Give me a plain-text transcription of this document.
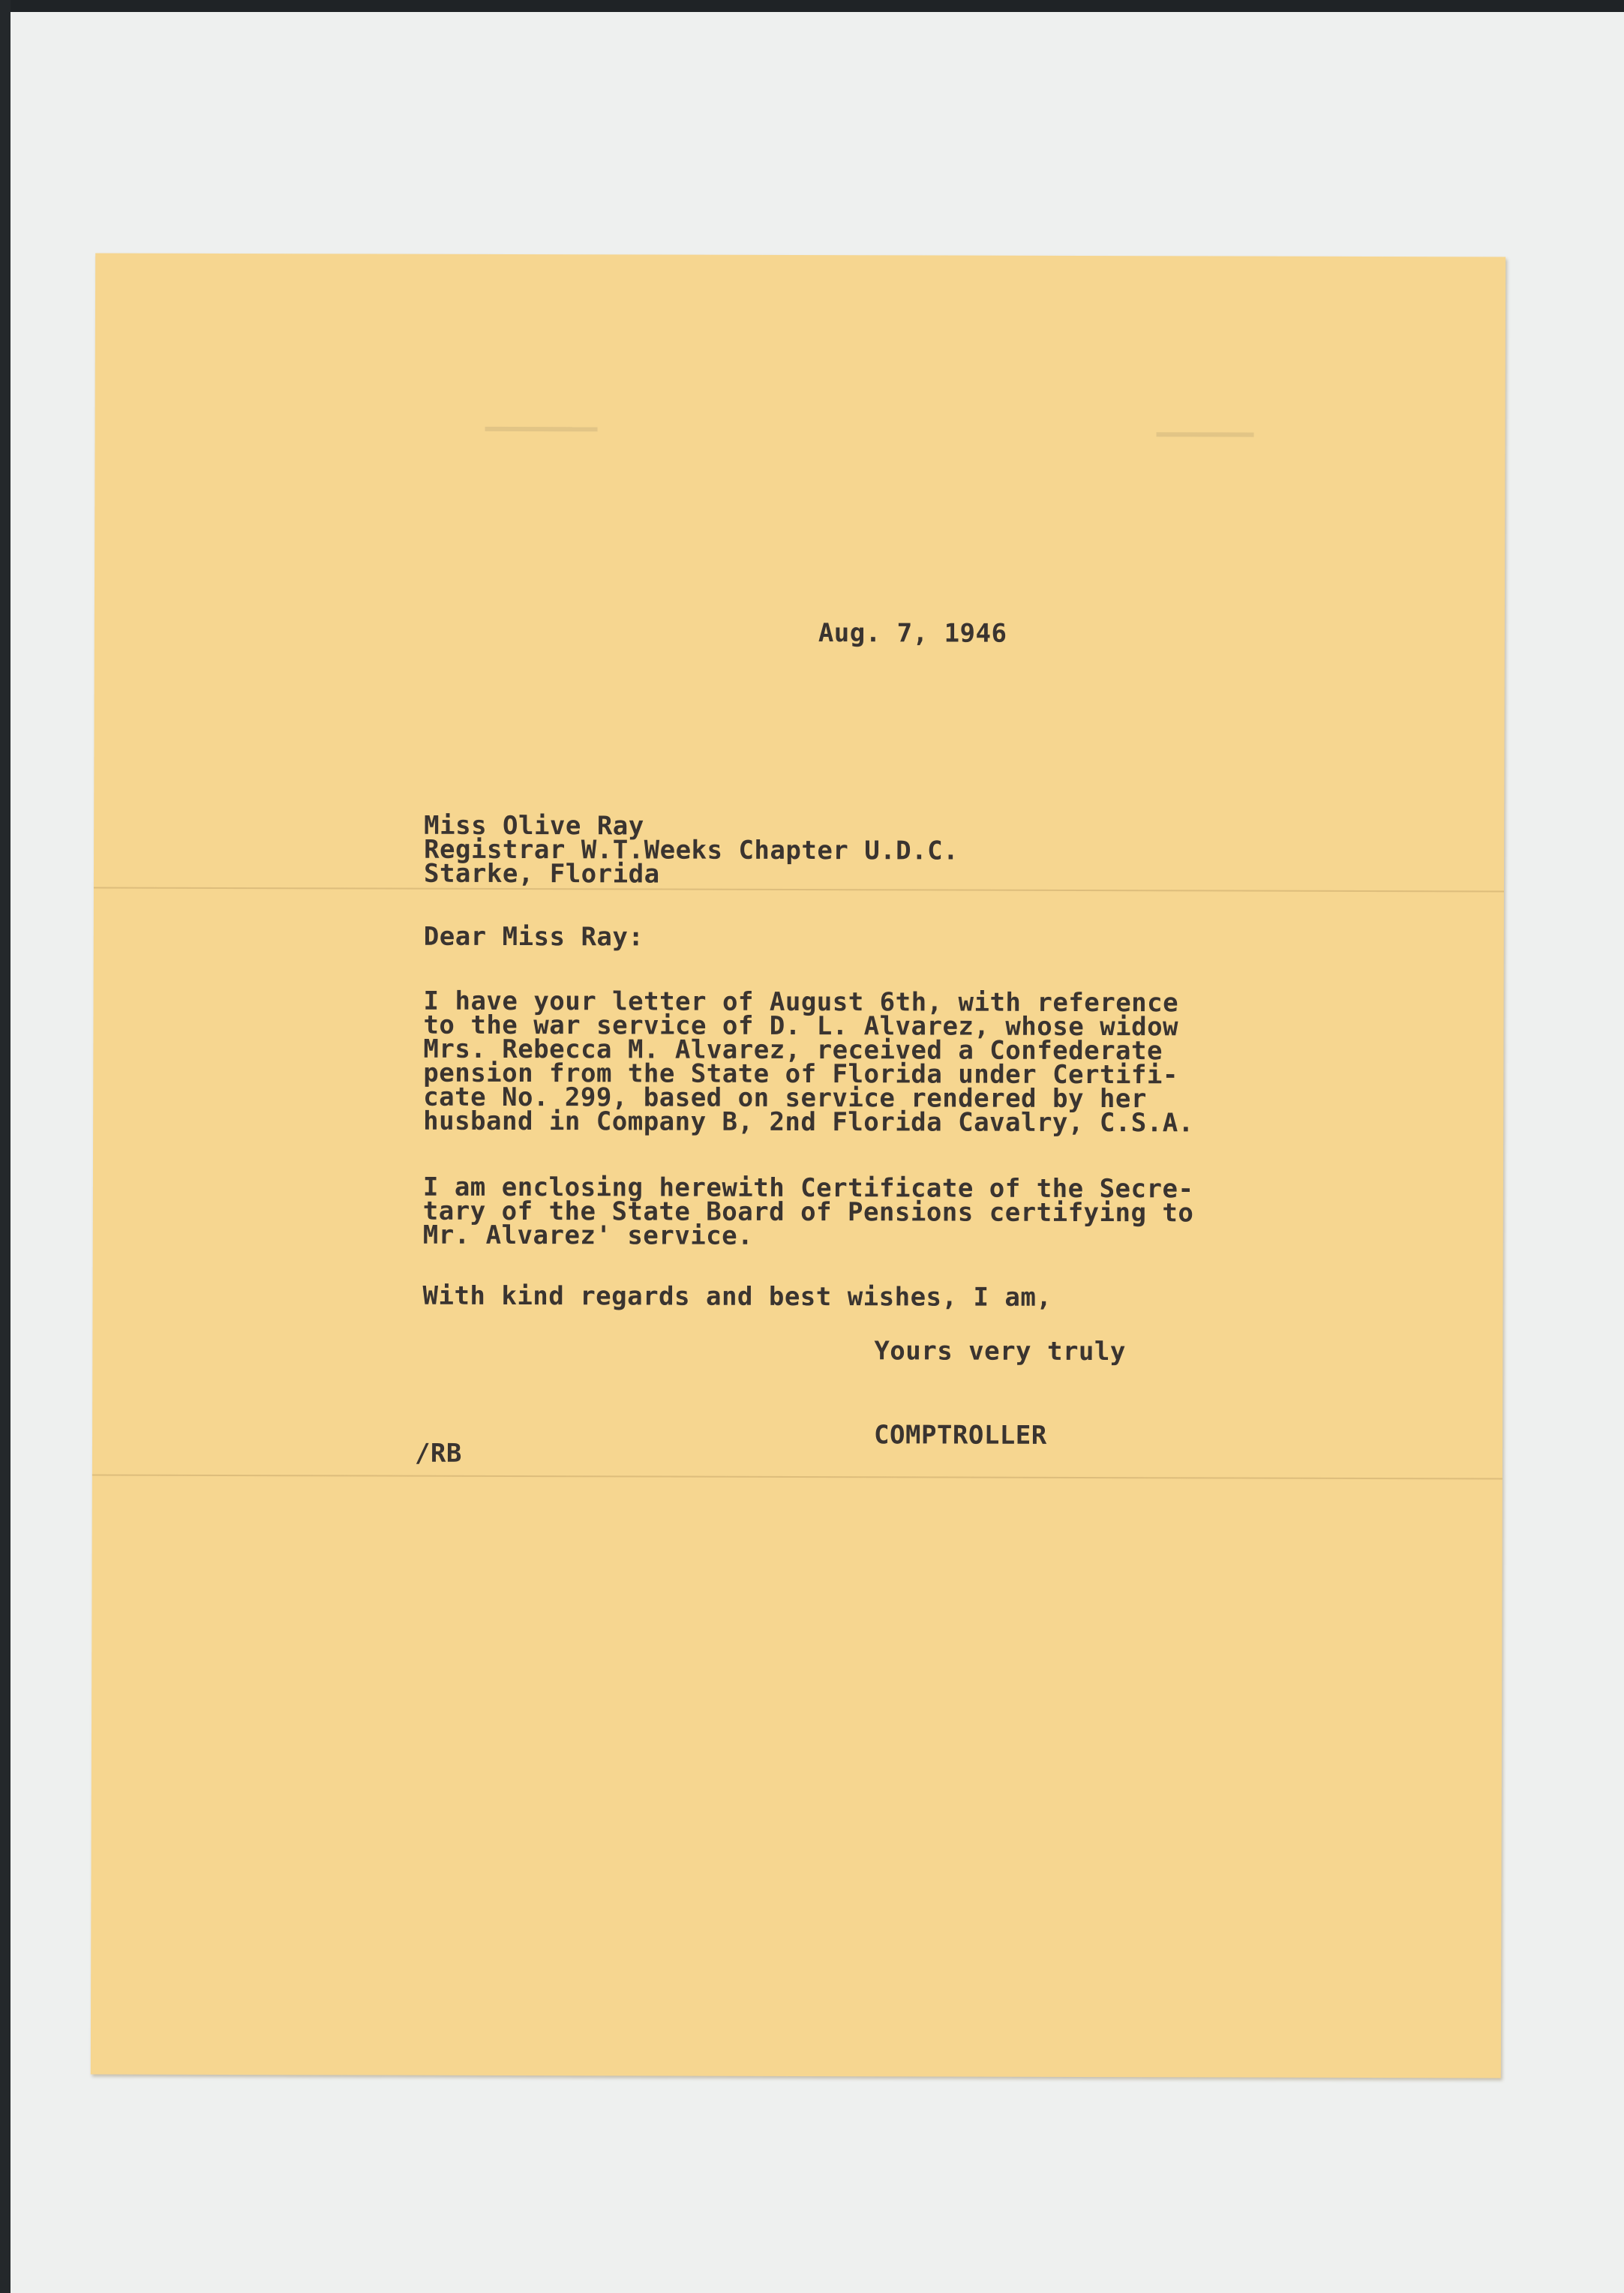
Aug. 7, 1946
Miss Olive Ray
Registrar W.T.Weeks Chapter U.D.C.
Starke, Florida
Dear Miss Ray:
I have your letter of August 6th, with reference
to the war service of D. L. Alvarez, whose widow
Mrs. Rebecca M. Alvarez, received a Confederate
pension from the State of Florida under Certifi-
cate No. 299, based on service rendered by her
husband in Company B, 2nd Florida Cavalry, C.S.A.
I am enclosing herewith Certificate of the Secre-
tary of the State Board of Pensions certifying to
Mr. Alvarez' service.
With kind regards and best wishes, I am,
Yours very truly
COMPTROLLER
/RB
